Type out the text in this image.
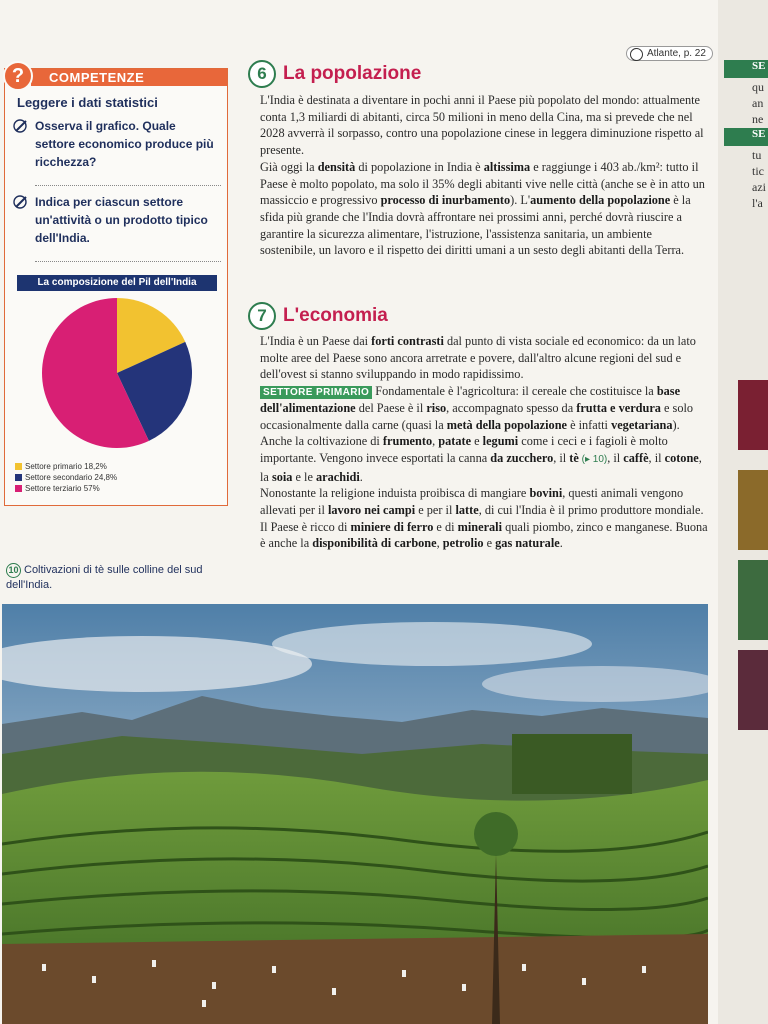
COMPETENZE
?
Leggere i dati statistici
Osserva il grafico. Quale settore economico produce più ricchezza?
Indica per ciascun settore un'attività o un prodotto tipico dell'India.
La composizione del Pil dell'India
Settore primario 18,2%
Settore secondario 24,8%
Settore terziario 57%
10 Coltivazioni di tè sulle colline del sud dell'India.
Atlante, p. 22
6 La popolazione

L'India è destinata a diventare in pochi anni il Paese più popolato del mondo: attualmente conta 1,3 miliardi di abitanti, circa 50 milioni in meno della Cina, ma si prevede che nel 2028 avverrà il sorpasso, contro una popolazione cinese in leggera diminuzione rispetto al presente.

Già oggi la densità di popolazione in India è altissima e raggiunge i 403 ab./km²: tutto il Paese è molto popolato, ma solo il 35% degli abitanti vive nelle città (anche se è in atto un massiccio e progressivo processo di inurbamento). L'aumento della popolazione è la sfida più grande che l'India dovrà affrontare nei prossimi anni, perché dovrà riuscire a garantire la sicurezza alimentare, l'istruzione, l'assistenza sanitaria, un ambiente sostenibile, un lavoro e il rispetto dei diritti umani a un sesto degli abitanti della Terra.

7 L'economia

L'India è un Paese dai forti contrasti dal punto di vista sociale ed economico: da un lato molte aree del Paese sono ancora arretrate e povere, dall'altro alcune regioni del sud e dell'ovest si stanno sviluppando in modo rapidissimo.

SETTORE PRIMARIO Fondamentale è l'agricoltura: il cereale che costituisce la base dell'alimentazione del Paese è il riso, accompagnato spesso da frutta e verdura e solo occasionalmente dalla carne (quasi la metà della popolazione è infatti vegetariana). Anche la coltivazione di frumento, patate e legumi come i ceci e i fagioli è molto importante. Vengono invece esportati la canna da zucchero, il tè (▸ 10), il caffè, il cotone, la soia e le arachidi.

Nonostante la religione induista proibisca di mangiare bovini, questi animali vengono allevati per il lavoro nei campi e per il latte, di cui l'India è il primo produttore mondiale.

Il Paese è ricco di miniere di ferro e di minerali quali piombo, zinco e manganese. Buona è anche la disponibilità di carbone, petrolio e gas naturale.

SE
qu
an
ne
SE
tu
tic
azi
l'a
